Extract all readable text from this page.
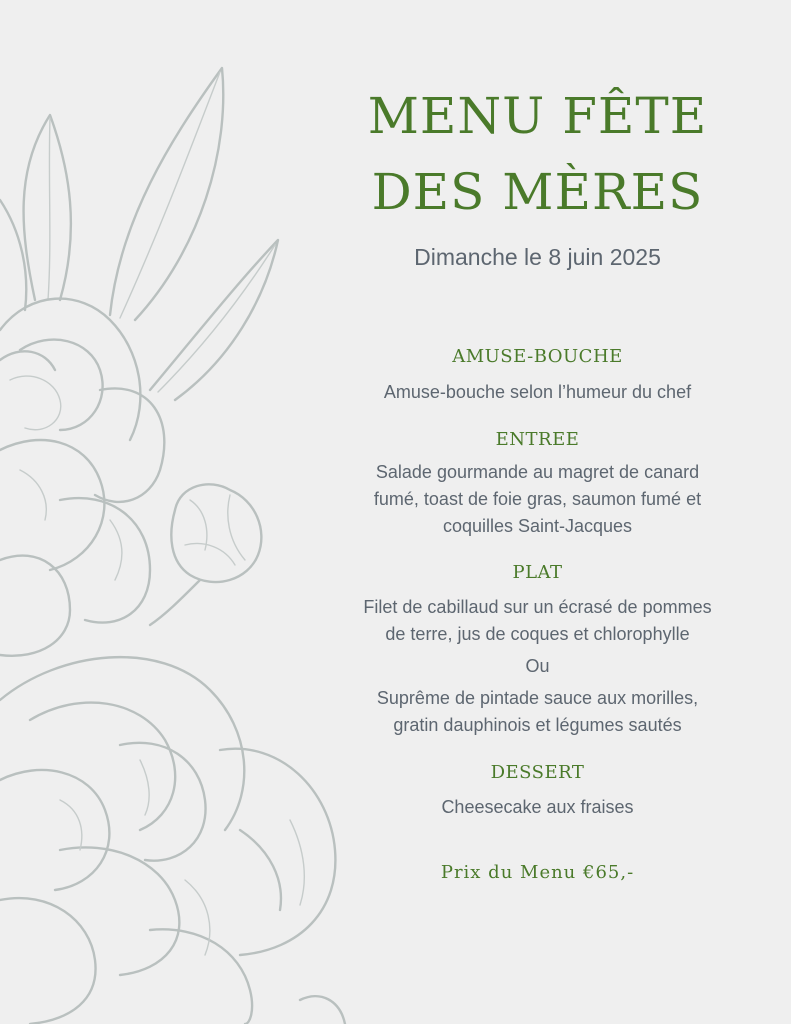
MENU FÊTE
DES MÈRES
Dimanche le 8 juin 2025
AMUSE-BOUCHE
Amuse-bouche selon l’humeur du chef
ENTREE
Salade gourmande au magret de canard
fumé, toast de foie gras, saumon fumé et
coquilles Saint-Jacques
PLAT
Filet de cabillaud sur un écrasé de pommes
de terre, jus de coques et chlorophylle
Ou
Suprême de pintade sauce aux morilles,
gratin dauphinois et légumes sautés
DESSERT
Cheesecake aux fraises
Prix du Menu €65,-
